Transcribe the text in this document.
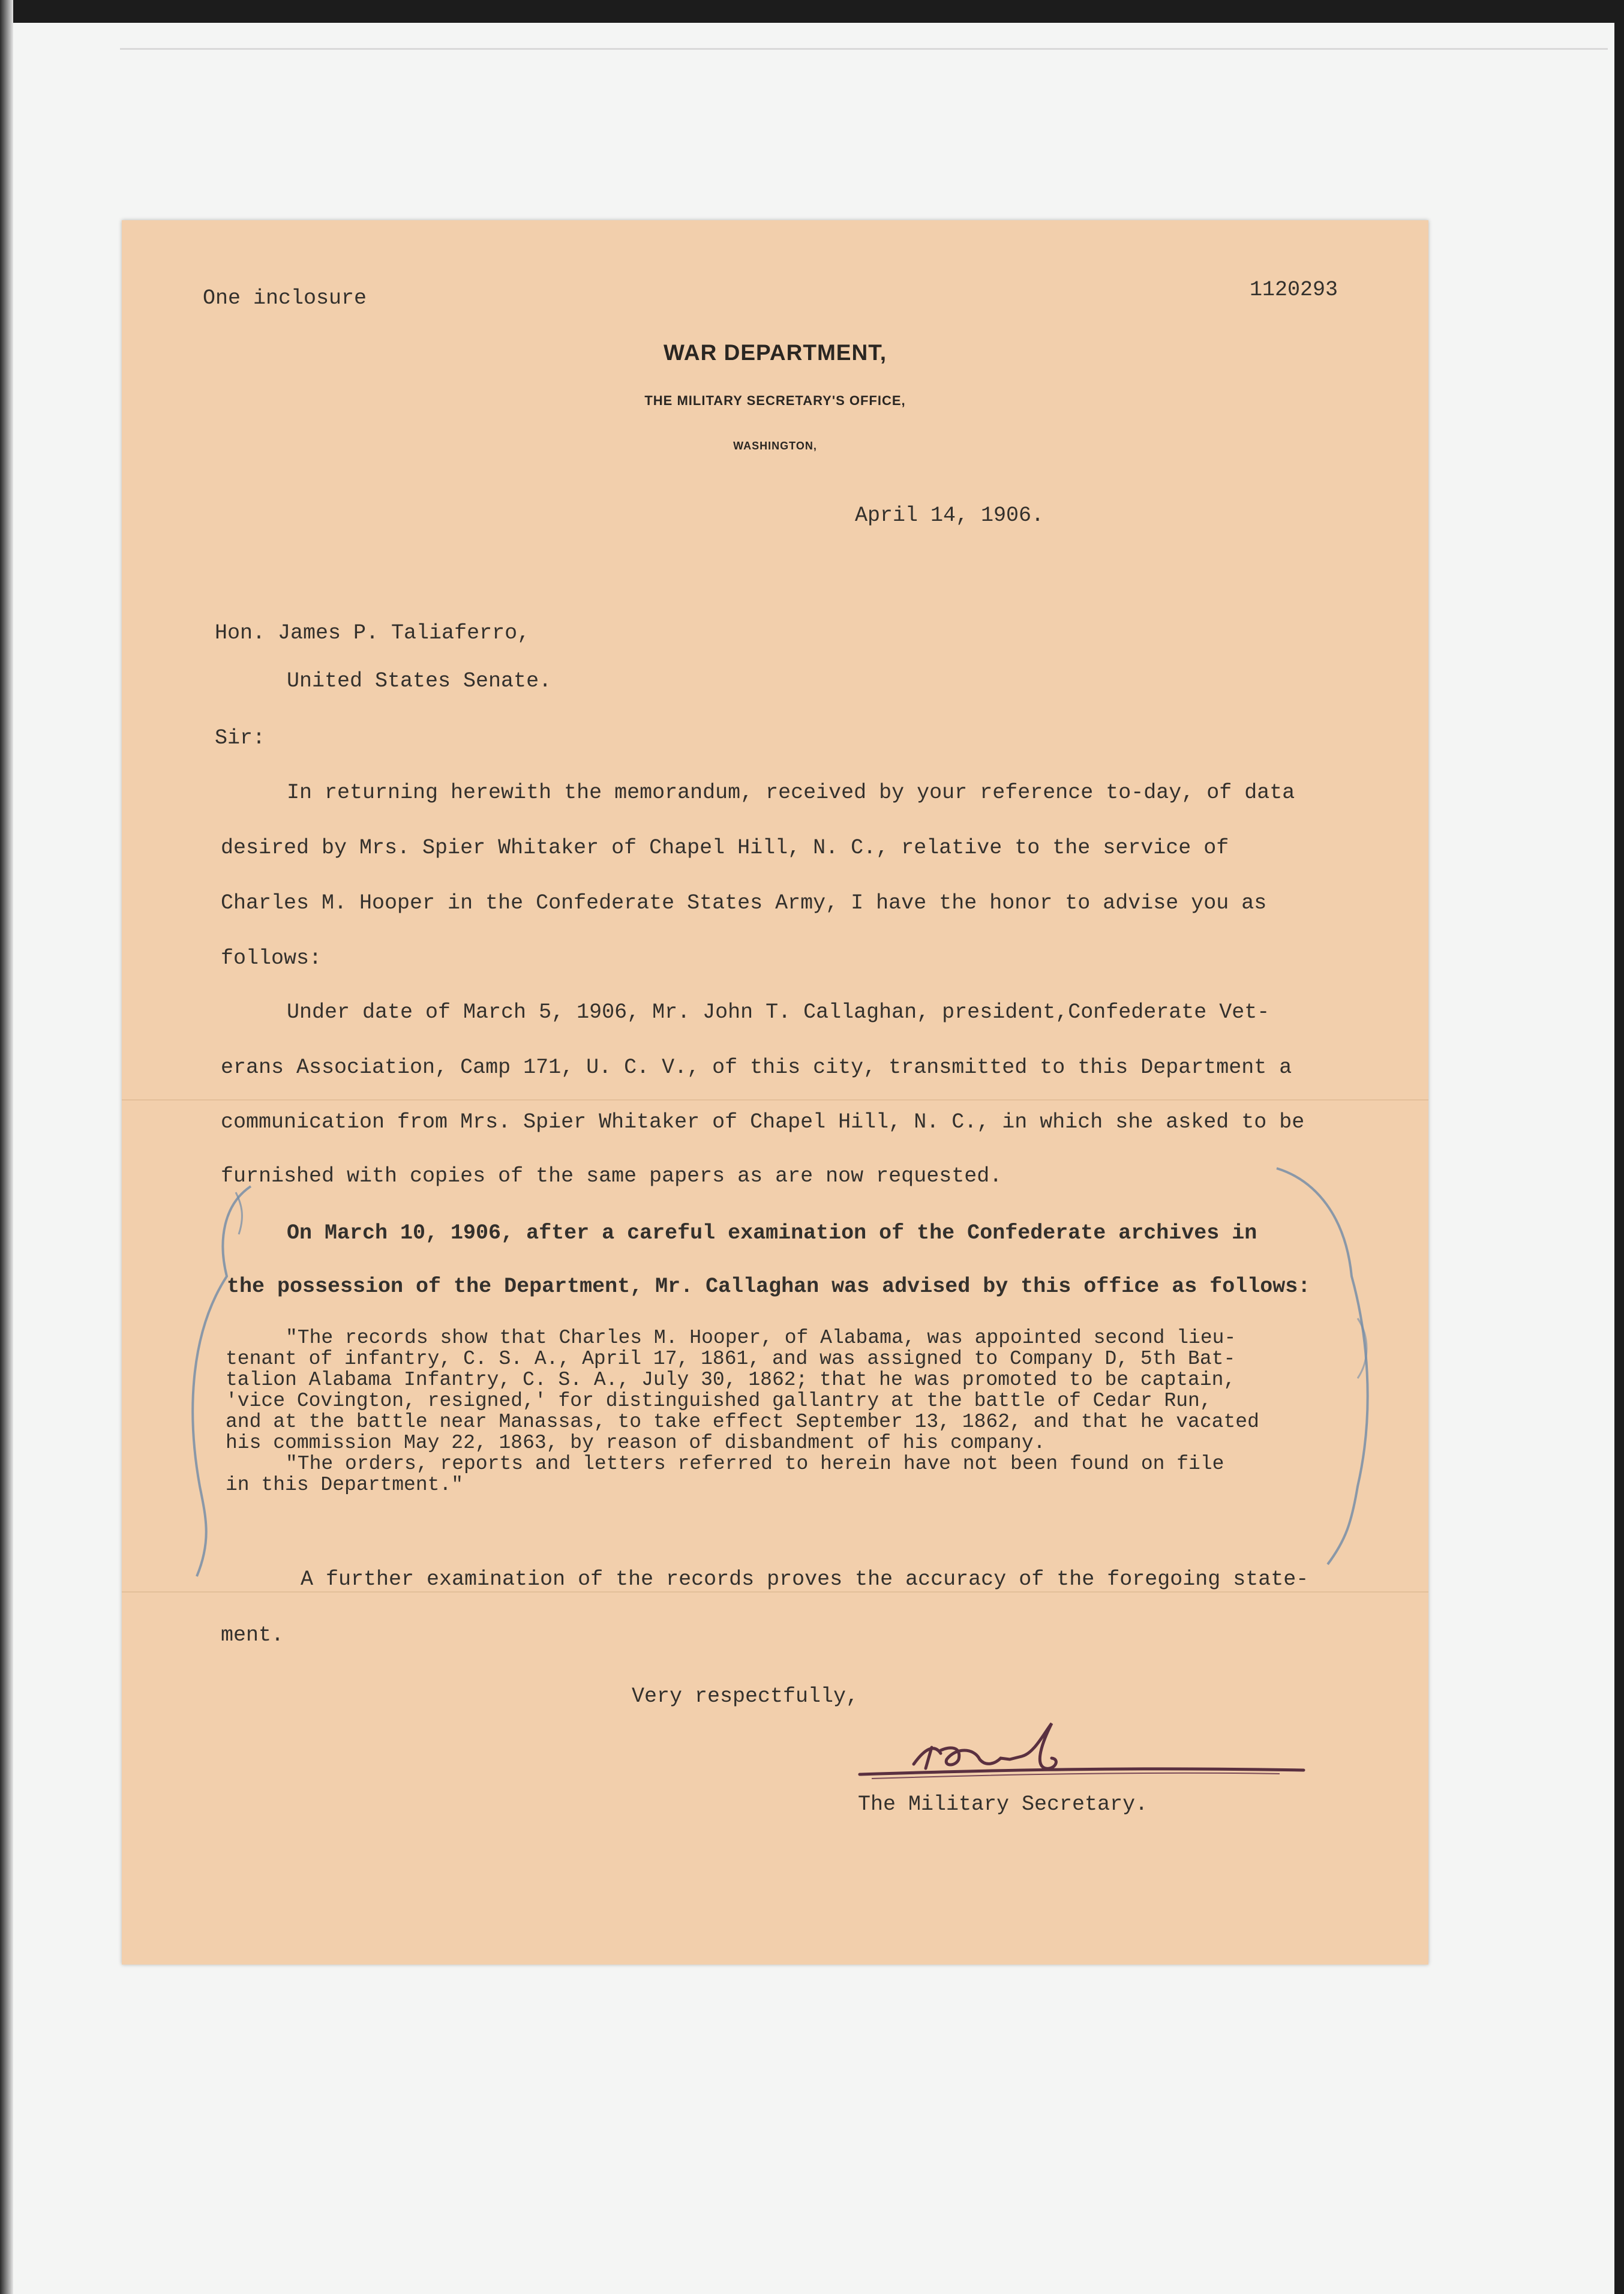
One inclosure	1120293
WAR DEPARTMENT,
THE MILITARY SECRETARY'S OFFICE,
WASHINGTON,
April 14, 1906.
Hon. James P. Taliaferro,
United States Senate.
Sir:
In returning herewith the memorandum, received by your reference to-day, of data
desired by Mrs. Spier Whitaker of Chapel Hill, N. C., relative to the service of
Charles M. Hooper in the Confederate States Army, I have the honor to advise you as
follows:
Under date of March 5, 1906, Mr. John T. Callaghan, president,Confederate Vet-
erans Association, Camp 171, U. C. V., of this city, transmitted to this Department a
communication from Mrs. Spier Whitaker of Chapel Hill, N. C., in which she asked to be
furnished with copies of the same papers as are now requested.
On March 10, 1906, after a careful examination of the Confederate archives in
the possession of the Department, Mr. Callaghan was advised by this office as follows:
"The records show that Charles M. Hooper, of Alabama, was appointed second lieu-
tenant of infantry, C. S. A., April 17, 1861, and was assigned to Company D, 5th Bat-
talion Alabama Infantry, C. S. A., July 30, 1862; that he was promoted to be captain,
'vice Covington, resigned,' for distinguished gallantry at the battle of Cedar Run,
and at the battle near Manassas, to take effect September 13, 1862, and that he vacated
his commission May 22, 1863, by reason of disbandment of his company.
"The orders, reports and letters referred to herein have not been found on file
in this Department."
A further examination of the records proves the accuracy of the foregoing state-
ment.
Very respectfully,
The Military Secretary.
